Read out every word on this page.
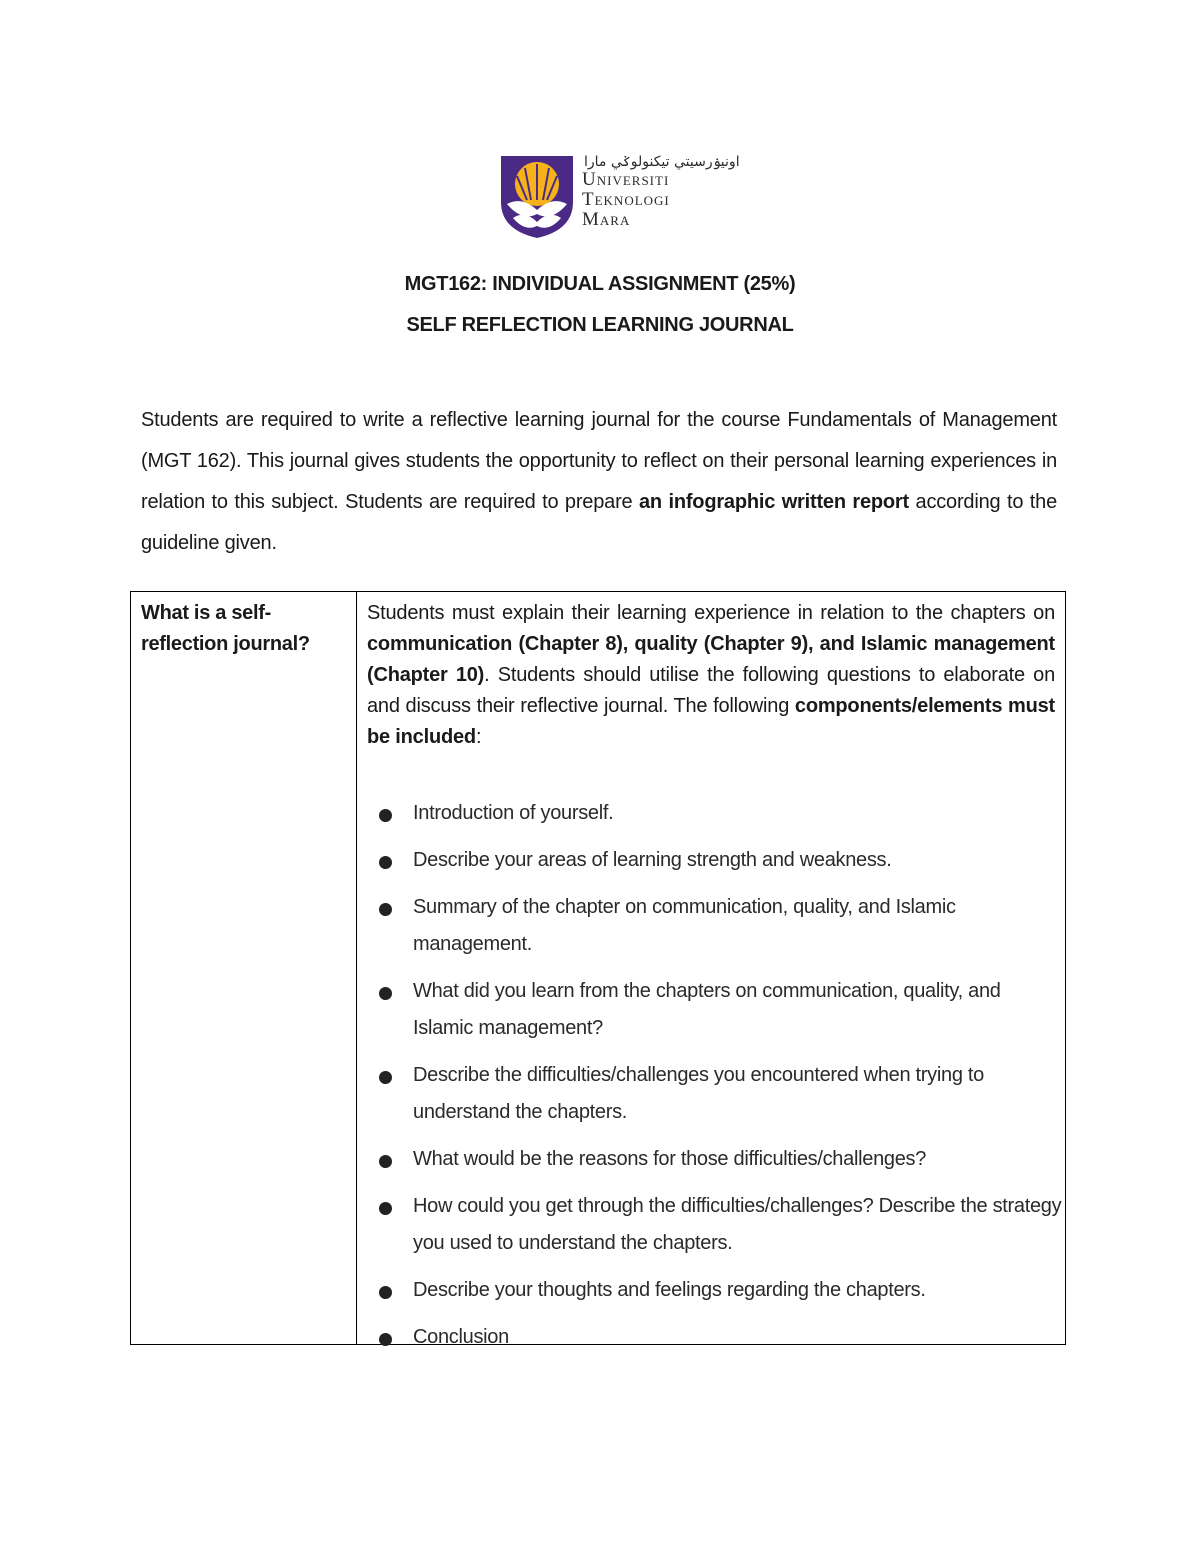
اونيۏرسيتي تيكنولوݢي مارا
Universiti
Teknologi
Mara
MGT162: INDIVIDUAL ASSIGNMENT (25%)
SELF REFLECTION LEARNING JOURNAL

Students are required to write a reflective learning journal for the course Fundamentals of Management (MGT 162). This journal gives students the opportunity to reflect on their personal learning experiences in relation to this subject. Students are required to prepare an infographic written report according to the guideline given.

What is a self-reflection journal?

Students must explain their learning experience in relation to the chapters on communication (Chapter 8), quality (Chapter 9), and Islamic management (Chapter 10). Students should utilise the following questions to elaborate on and discuss their reflective journal. The following components/elements must be included:

Introduction of yourself.
Describe your areas of learning strength and weakness.
Summary of the chapter on communication, quality, and Islamic management.
What did you learn from the chapters on communication, quality, and Islamic management?
Describe the difficulties/challenges you encountered when trying to understand the chapters.
What would be the reasons for those difficulties/challenges?
How could you get through the difficulties/challenges? Describe the strategy you used to understand the chapters.
Describe your thoughts and feelings regarding the chapters.
Conclusion
